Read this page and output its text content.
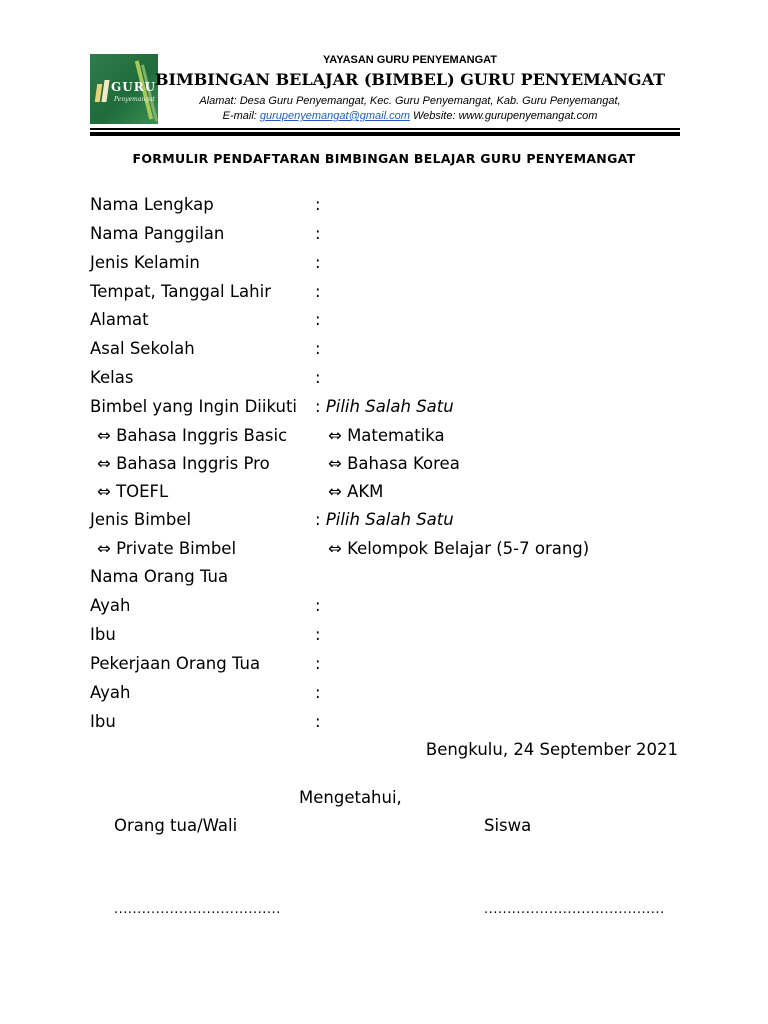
GURU
Penyemangat
YAYASAN GURU PENYEMANGAT
BIMBINGAN BELAJAR (BIMBEL) GURU PENYEMANGAT
Alamat: Desa Guru Penyemangat, Kec. Guru Penyemangat, Kab. Guru Penyemangat,
E-mail: gurupenyemangat@gmail.com Website: www.gurupenyemangat.com
FORMULIR PENDAFTARAN BIMBINGAN BELAJAR GURU PENYEMANGAT
Nama Lengkap	:
Nama Panggilan	:
Jenis Kelamin	:
Tempat, Tanggal Lahir	:
Alamat	:
Asal Sekolah	:
Kelas	:
Bimbel yang Ingin Diikuti : Pilih Salah Satu
⇔ Bahasa Inggris Basic ⇔ Matematika
⇔ Bahasa Inggris Pro	⇔ Bahasa Korea
⇔ TOEFL	⇔ AKM
Jenis Bimbel	: Pilih Salah Satu
⇔ Private Bimbel	⇔ Kelompok Belajar (5-7 orang)
Nama Orang Tua
Ayah	:
Ibu	:
Pekerjaan Orang Tua	:
Ayah	:
Ibu	:
Bengkulu, 24 September 2021
Mengetahui,
Orang tua/Wali	Siswa
....................................	.......................................
